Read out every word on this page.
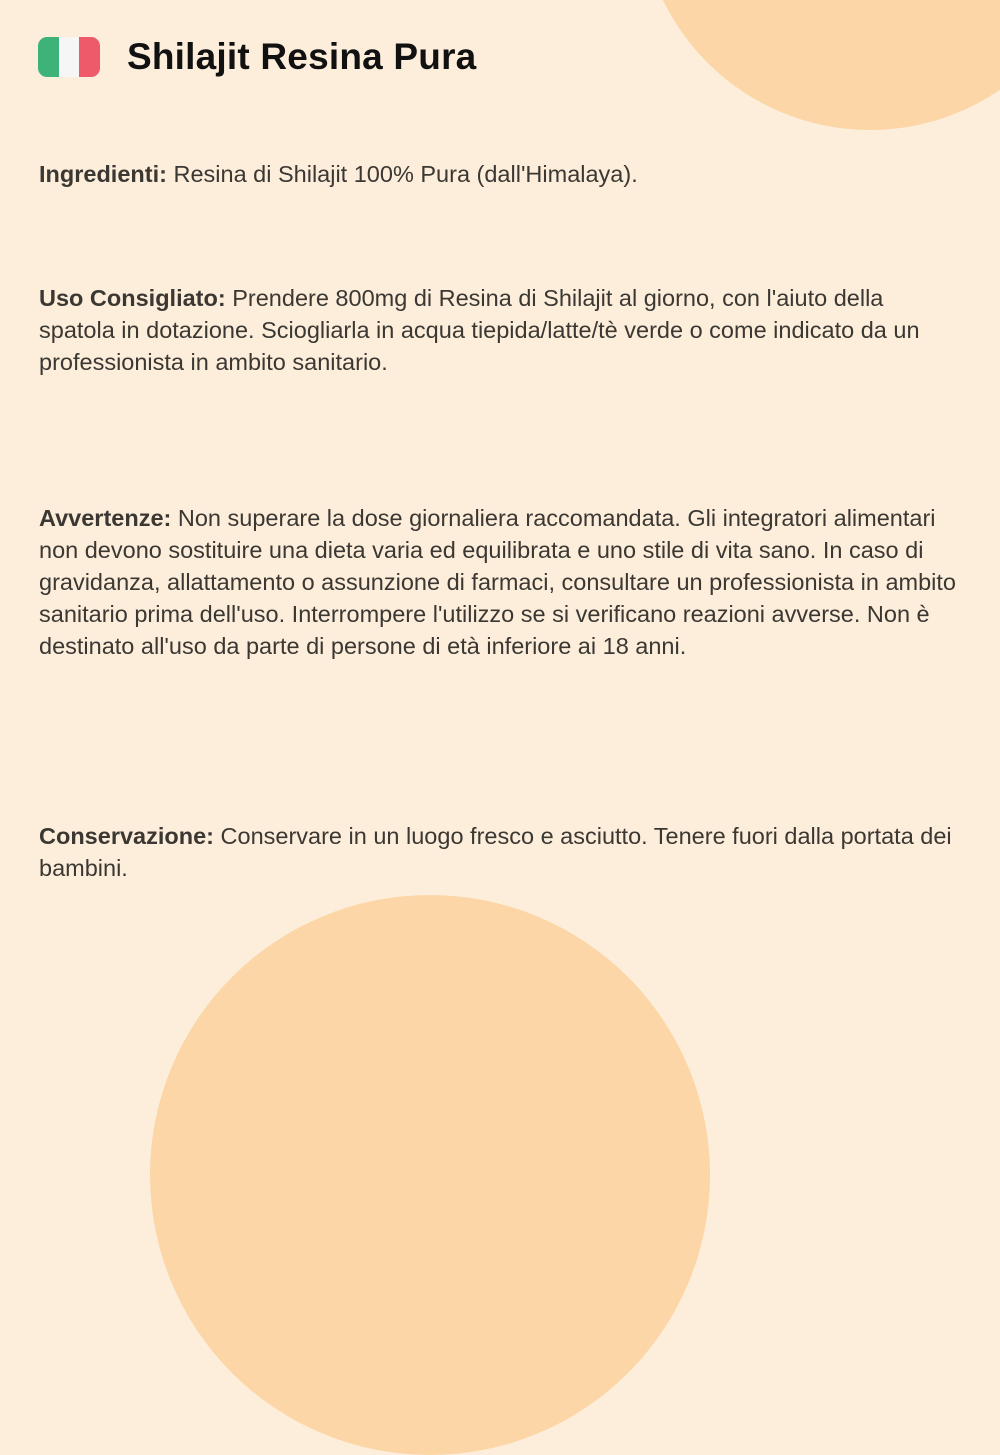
Shilajit Resina Pura
Ingredienti: Resina di Shilajit 100% Pura (dall'Himalaya).
Uso Consigliato: Prendere 800mg di Resina di Shilajit al giorno, con l'aiuto della spatola in dotazione. Sciogliarla in acqua tiepida/latte/tè verde o come indicato da un professionista in ambito sanitario.
Avvertenze: Non superare la dose giornaliera raccomandata. Gli integratori alimentari non devono sostituire una dieta varia ed equilibrata e uno stile di vita sano. In caso di gravidanza, allattamento o assunzione di farmaci, consultare un professionista in ambito sanitario prima dell'uso. Interrompere l'utilizzo se si verificano reazioni avverse. Non è destinato all'uso da parte di persone di età inferiore ai 18 anni.
Conservazione: Conservare in un luogo fresco e asciutto. Tenere fuori dalla portata dei bambini.
